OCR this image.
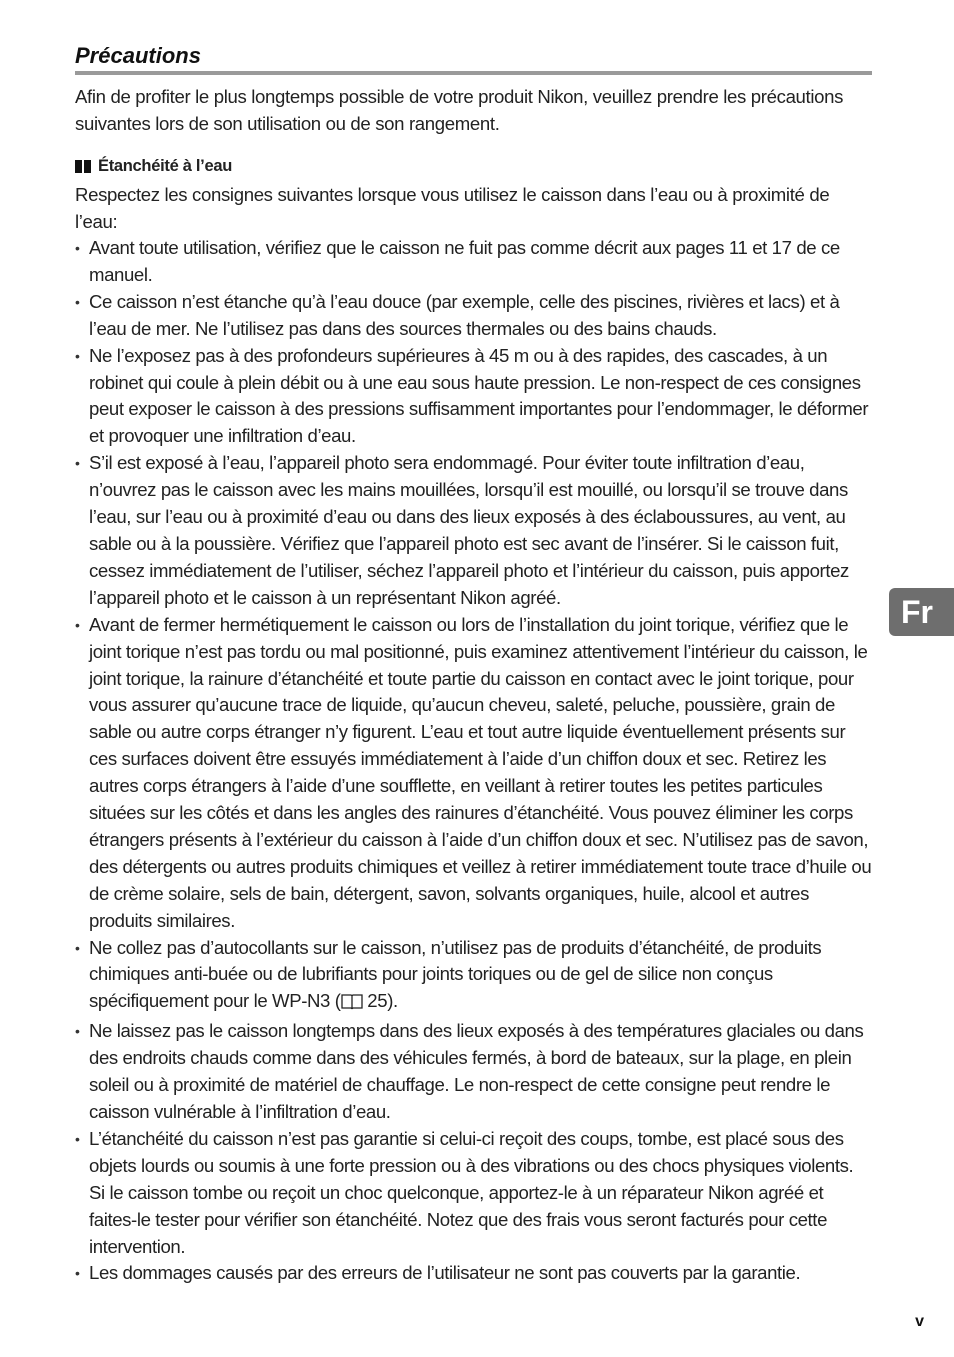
Précautions

Afin de profiter le plus longtemps possible de votre produit Nikon, veuillez prendre les précautions suivantes lors de son utilisation ou de son rangement.

Étanchéité à l’eau

Respectez les consignes suivantes lorsque vous utilisez le caisson dans l’eau ou à proximité de l’eau:

• Avant toute utilisation, vérifiez que le caisson ne fuit pas comme décrit aux pages 11 et 17 de ce manuel.
• Ce caisson n’est étanche qu’à l’eau douce (par exemple, celle des piscines, rivières et lacs) et à l’eau de mer. Ne l’utilisez pas dans des sources thermales ou des bains chauds.
• Ne l’exposez pas à des profondeurs supérieures à 45 m ou à des rapides, des cascades, à un robinet qui coule à plein débit ou à une eau sous haute pression. Le non-respect de ces consignes peut exposer le caisson à des pressions suffisamment importantes pour l’endommager, le déformer et provoquer une infiltration d’eau.
• S’il est exposé à l’eau, l’appareil photo sera endommagé. Pour éviter toute infiltration d’eau, n’ouvrez pas le caisson avec les mains mouillées, lorsqu’il est mouillé, ou lorsqu’il se trouve dans l’eau, sur l’eau ou à proximité d’eau ou dans des lieux exposés à des éclaboussures, au vent, au sable ou à la poussière. Vérifiez que l’appareil photo est sec avant de l’insérer. Si le caisson fuit, cessez immédiatement de l’utiliser, séchez l’appareil photo et l’intérieur du caisson, puis apportez l’appareil photo et le caisson à un représentant Nikon agréé.
• Avant de fermer hermétiquement le caisson ou lors de l’installation du joint torique, vérifiez que le joint torique n’est pas tordu ou mal positionné, puis examinez attentivement l’intérieur du caisson, le joint torique, la rainure d’étanchéité et toute partie du caisson en contact avec le joint torique, pour vous assurer qu’aucune trace de liquide, qu’aucun cheveu, saleté, peluche, poussière, grain de sable ou autre corps étranger n’y figurent. L’eau et tout autre liquide éventuellement présents sur ces surfaces doivent être essuyés immédiatement à l’aide d’un chiffon doux et sec. Retirez les autres corps étrangers à l’aide d’une soufflette, en veillant à retirer toutes les petites particules situées sur les côtés et dans les angles des rainures d’étanchéité. Vous pouvez éliminer les corps étrangers présents à l’extérieur du caisson à l’aide d’un chiffon doux et sec. N’utilisez pas de savon, des détergents ou autres produits chimiques et veillez à retirer immédiatement toute trace d’huile ou de crème solaire, sels de bain, détergent, savon, solvants organiques, huile, alcool et autres produits similaires.
• Ne collez pas d’autocollants sur le caisson, n’utilisez pas de produits d’étanchéité, de produits chimiques anti-buée ou de lubrifiants pour joints toriques ou de gel de silice non conçus spécifiquement pour le WP-N3 ( 25).
• Ne laissez pas le caisson longtemps dans des lieux exposés à des températures glaciales ou dans des endroits chauds comme dans des véhicules fermés, à bord de bateaux, sur la plage, en plein soleil ou à proximité de matériel de chauffage. Le non-respect de cette consigne peut rendre le caisson vulnérable à l’infiltration d’eau.
• L’étanchéité du caisson n’est pas garantie si celui-ci reçoit des coups, tombe, est placé sous des objets lourds ou soumis à une forte pression ou à des vibrations ou des chocs physiques violents. Si le caisson tombe ou reçoit un choc quelconque, apportez-le à un réparateur Nikon agréé et faites-le tester pour vérifier son étanchéité. Notez que des frais vous seront facturés pour cette intervention.
• Les dommages causés par des erreurs de l’utilisateur ne sont pas couverts par la garantie.
Fr
v
